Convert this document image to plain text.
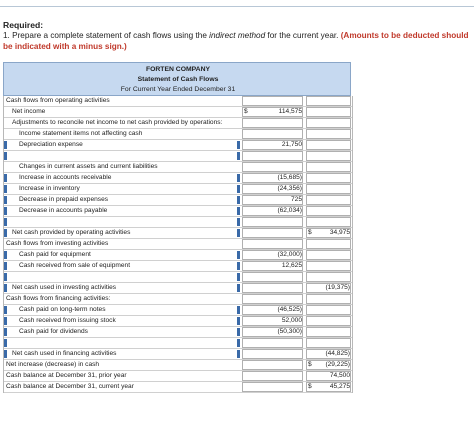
Required:
1. Prepare a complete statement of cash flows using the indirect method for the current year. (Amounts to be deducted should be indicated with a minus sign.)
FORTEN COMPANY
Statement of Cash Flows
For Current Year Ended December 31
Cash flows from operating activities
Net income	$	114,575
Adjustments to reconcile net income to net cash provided by operations:
Income statement items not affecting cash
Depreciation expense	21,750
Changes in current assets and current liabilities
Increase in accounts receivable	(15,685)
Increase in inventory	(24,356)
Decrease in prepaid expenses	725
Decrease in accounts payable	(62,034)
Net cash provided by operating activities	$	34,975
Cash flows from investing activities
Cash paid for equipment	(32,000)
Cash received from sale of equipment	12,625
Net cash used in investing activities	(19,375)
Cash flows from financing activities:
Cash paid on long-term notes	(46,525)
Cash received from issuing stock	52,000
Cash paid for dividends	(50,300)
Net cash used in financing activities	(44,825)
Net increase (decrease) in cash	$ (29,225)
Cash balance at December 31, prior year	74,500
Cash balance at December 31, current year	$	45,275
